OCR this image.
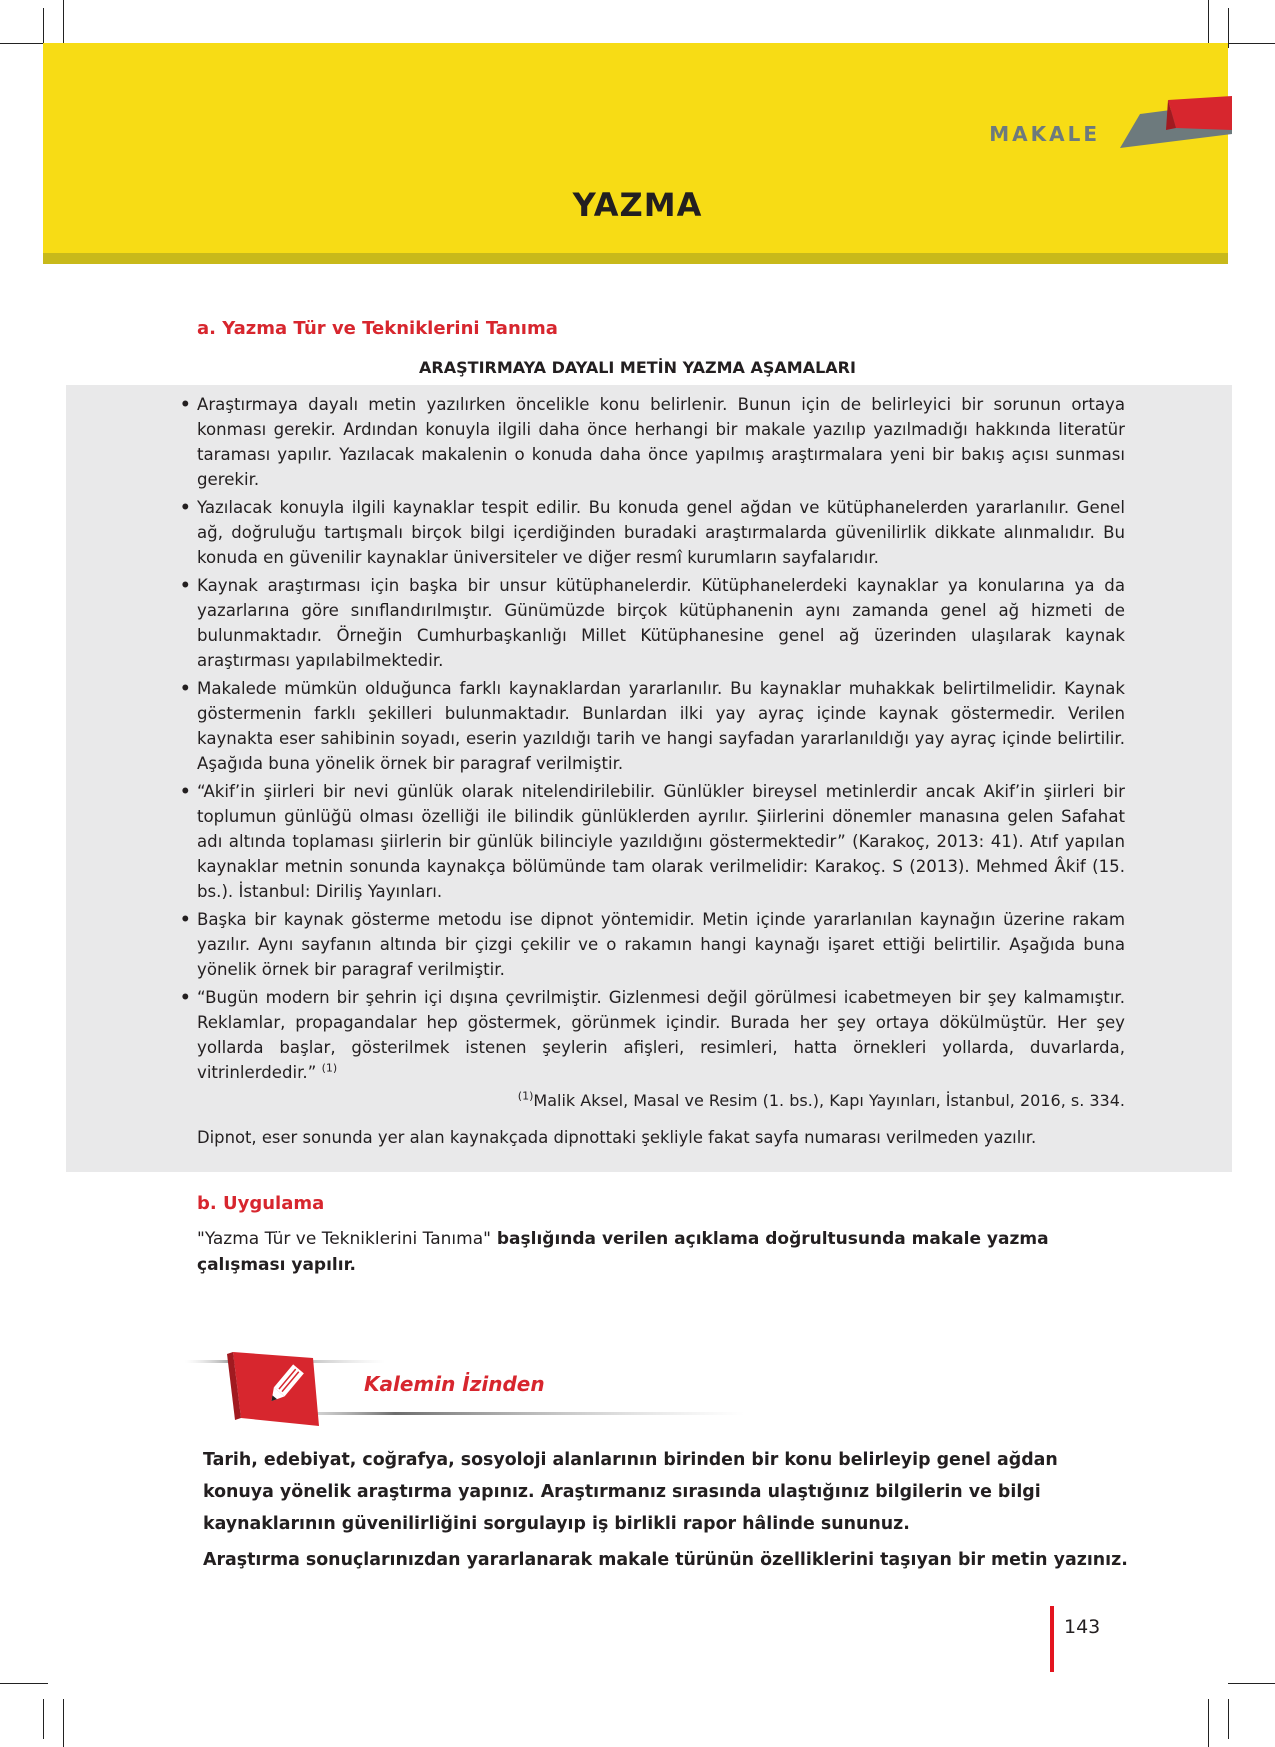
MAKALE
YAZMA
a. Yazma Tür ve Tekniklerini Tanıma
ARAŞTIRMAYA DAYALI METİN YAZMA AŞAMALARI
• Araştırmaya dayalı metin yazılırken öncelikle konu belirlenir. Bunun için de belirleyici bir sorunun ortaya konması gerekir. Ardından konuyla ilgili daha önce herhangi bir makale yazılıp yazılmadığı hakkında literatür taraması yapılır. Yazılacak makalenin o konuda daha önce yapılmış araştırmalara yeni bir bakış açısı sunması gerekir.
• Yazılacak konuyla ilgili kaynaklar tespit edilir. Bu konuda genel ağdan ve kütüphanelerden yararlanılır. Genel ağ, doğruluğu tartışmalı birçok bilgi içerdiğinden buradaki araştırmalarda güvenilirlik dikkate alınmalıdır. Bu konuda en güvenilir kaynaklar üniversiteler ve diğer resmî kurumların sayfalarıdır.
• Kaynak araştırması için başka bir unsur kütüphanelerdir. Kütüphanelerdeki kaynaklar ya konularına ya da yazarlarına göre sınıflandırılmıştır. Günümüzde birçok kütüphanenin aynı zamanda genel ağ hizmeti de bulunmaktadır. Örneğin Cumhurbaşkanlığı Millet Kütüphanesine genel ağ üzerinden ulaşılarak kaynak araştırması yapılabilmektedir.
• Makalede mümkün olduğunca farklı kaynaklardan yararlanılır. Bu kaynaklar muhakkak belirtilmelidir. Kaynak göstermenin farklı şekilleri bulunmaktadır. Bunlardan ilki yay ayraç içinde kaynak göstermedir. Verilen kaynakta eser sahibinin soyadı, eserin yazıldığı tarih ve hangi sayfadan yararlanıldığı yay ayraç içinde belirtilir. Aşağıda buna yönelik örnek bir paragraf verilmiştir.
• “Akif’in şiirleri bir nevi günlük olarak nitelendirilebilir. Günlükler bireysel metinlerdir ancak Akif’in şiirleri bir toplumun günlüğü olması özelliği ile bilindik günlüklerden ayrılır. Şiirlerini dönemler manasına gelen Safahat adı altında toplaması şiirlerin bir günlük bilinciyle yazıldığını göstermektedir” (Karakoç, 2013: 41). Atıf yapılan kaynaklar metnin sonunda kaynakça bölümünde tam olarak verilmelidir: Karakoç. S (2013). Mehmed Âkif (15. bs.). İstanbul: Diriliş Yayınları.
• Başka bir kaynak gösterme metodu ise dipnot yöntemidir. Metin içinde yararlanılan kaynağın üzerine rakam yazılır. Aynı sayfanın altında bir çizgi çekilir ve o rakamın hangi kaynağı işaret ettiği belirtilir. Aşağıda buna yönelik örnek bir paragraf verilmiştir.
• “Bugün modern bir şehrin içi dışına çevrilmiştir. Gizlenmesi değil görülmesi icabetmeyen bir şey kalmamıştır. Reklamlar, propagandalar hep göstermek, görünmek içindir. Burada her şey ortaya dökülmüştür. Her şey yollarda başlar, gösterilmek istenen şeylerin afişleri, resimleri, hatta örnekleri yollarda, duvarlarda, vitrinlerdedir.” $^{(1)}$
$^{(1)}$Malik Aksel, Masal ve Resim (1. bs.), Kapı Yayınları, İstanbul, 2016, s. 334.
Dipnot, eser sonunda yer alan kaynakçada dipnottaki şekliyle fakat sayfa numarası verilmeden yazılır.
b. Uygulama
"Yazma Tür ve Tekniklerini Tanıma" başlığında verilen açıklama doğrultusunda makale yazma çalışması yapılır.
Kalemin İzinden

Tarih, edebiyat, coğrafya, sosyoloji alanlarının birinden bir konu belirleyip genel ağdan konuya yönelik araştırma yapınız. Araştırmanız sırasında ulaştığınız bilgilerin ve bilgi kaynaklarının güvenilirliğini sorgulayıp iş birlikli rapor hâlinde sununuz.

Araştırma sonuçlarınızdan yararlanarak makale türünün özelliklerini taşıyan bir metin yazınız.

143
